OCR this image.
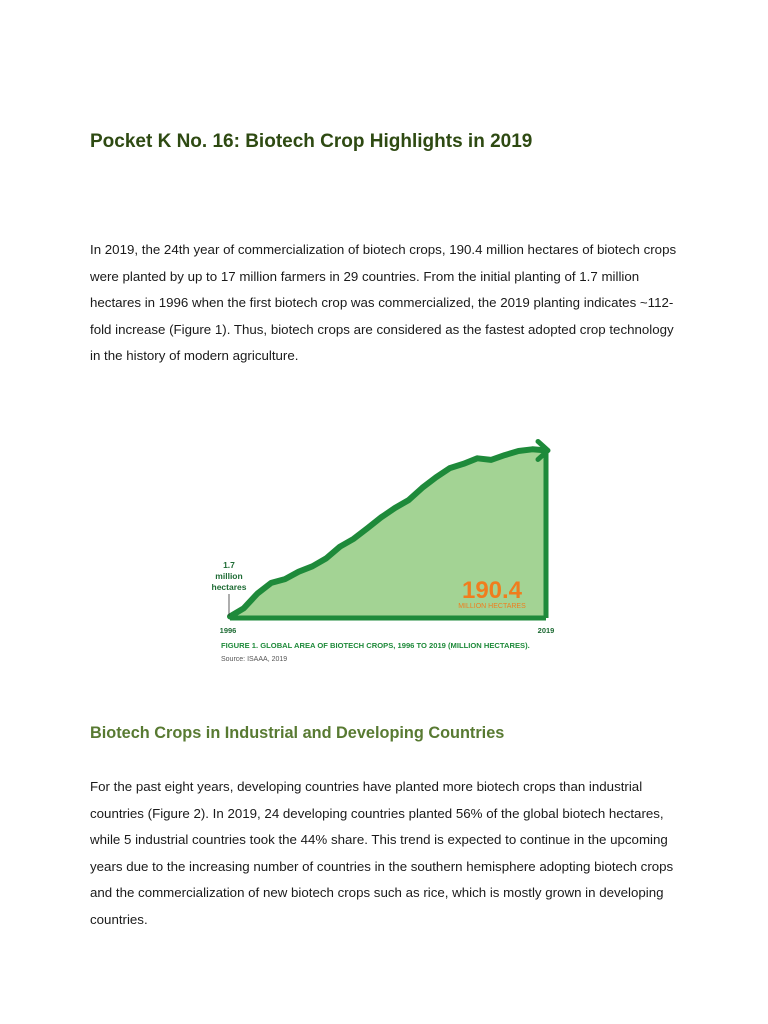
Pocket K No. 16: Biotech Crop Highlights in 2019
In 2019, the 24th year of commercialization of biotech crops, 190.4 million hectares of biotech crops were planted by up to 17 million farmers in 29 countries. From the initial planting of 1.7 million hectares in 1996 when the first biotech crop was commercialized, the 2019 planting indicates ~112-fold increase (Figure 1). Thus, biotech crops are considered as the fastest adopted crop technology in the history of modern agriculture.
1.7
million
hectares	190.4
MILLION HECTARES
1996	2019
FIGURE 1. GLOBAL AREA OF BIOTECH CROPS, 1996 TO 2019 (MILLION HECTARES).
Source: ISAAA, 2019
Biotech Crops in Industrial and Developing Countries
For the past eight years, developing countries have planted more biotech crops than industrial countries (Figure 2). In 2019, 24 developing countries planted 56% of the global biotech hectares, while 5 industrial countries took the 44% share. This trend is expected to continue in the upcoming years due to the increasing number of countries in the southern hemisphere adopting biotech crops and the commercialization of new biotech crops such as rice, which is mostly grown in developing countries.
